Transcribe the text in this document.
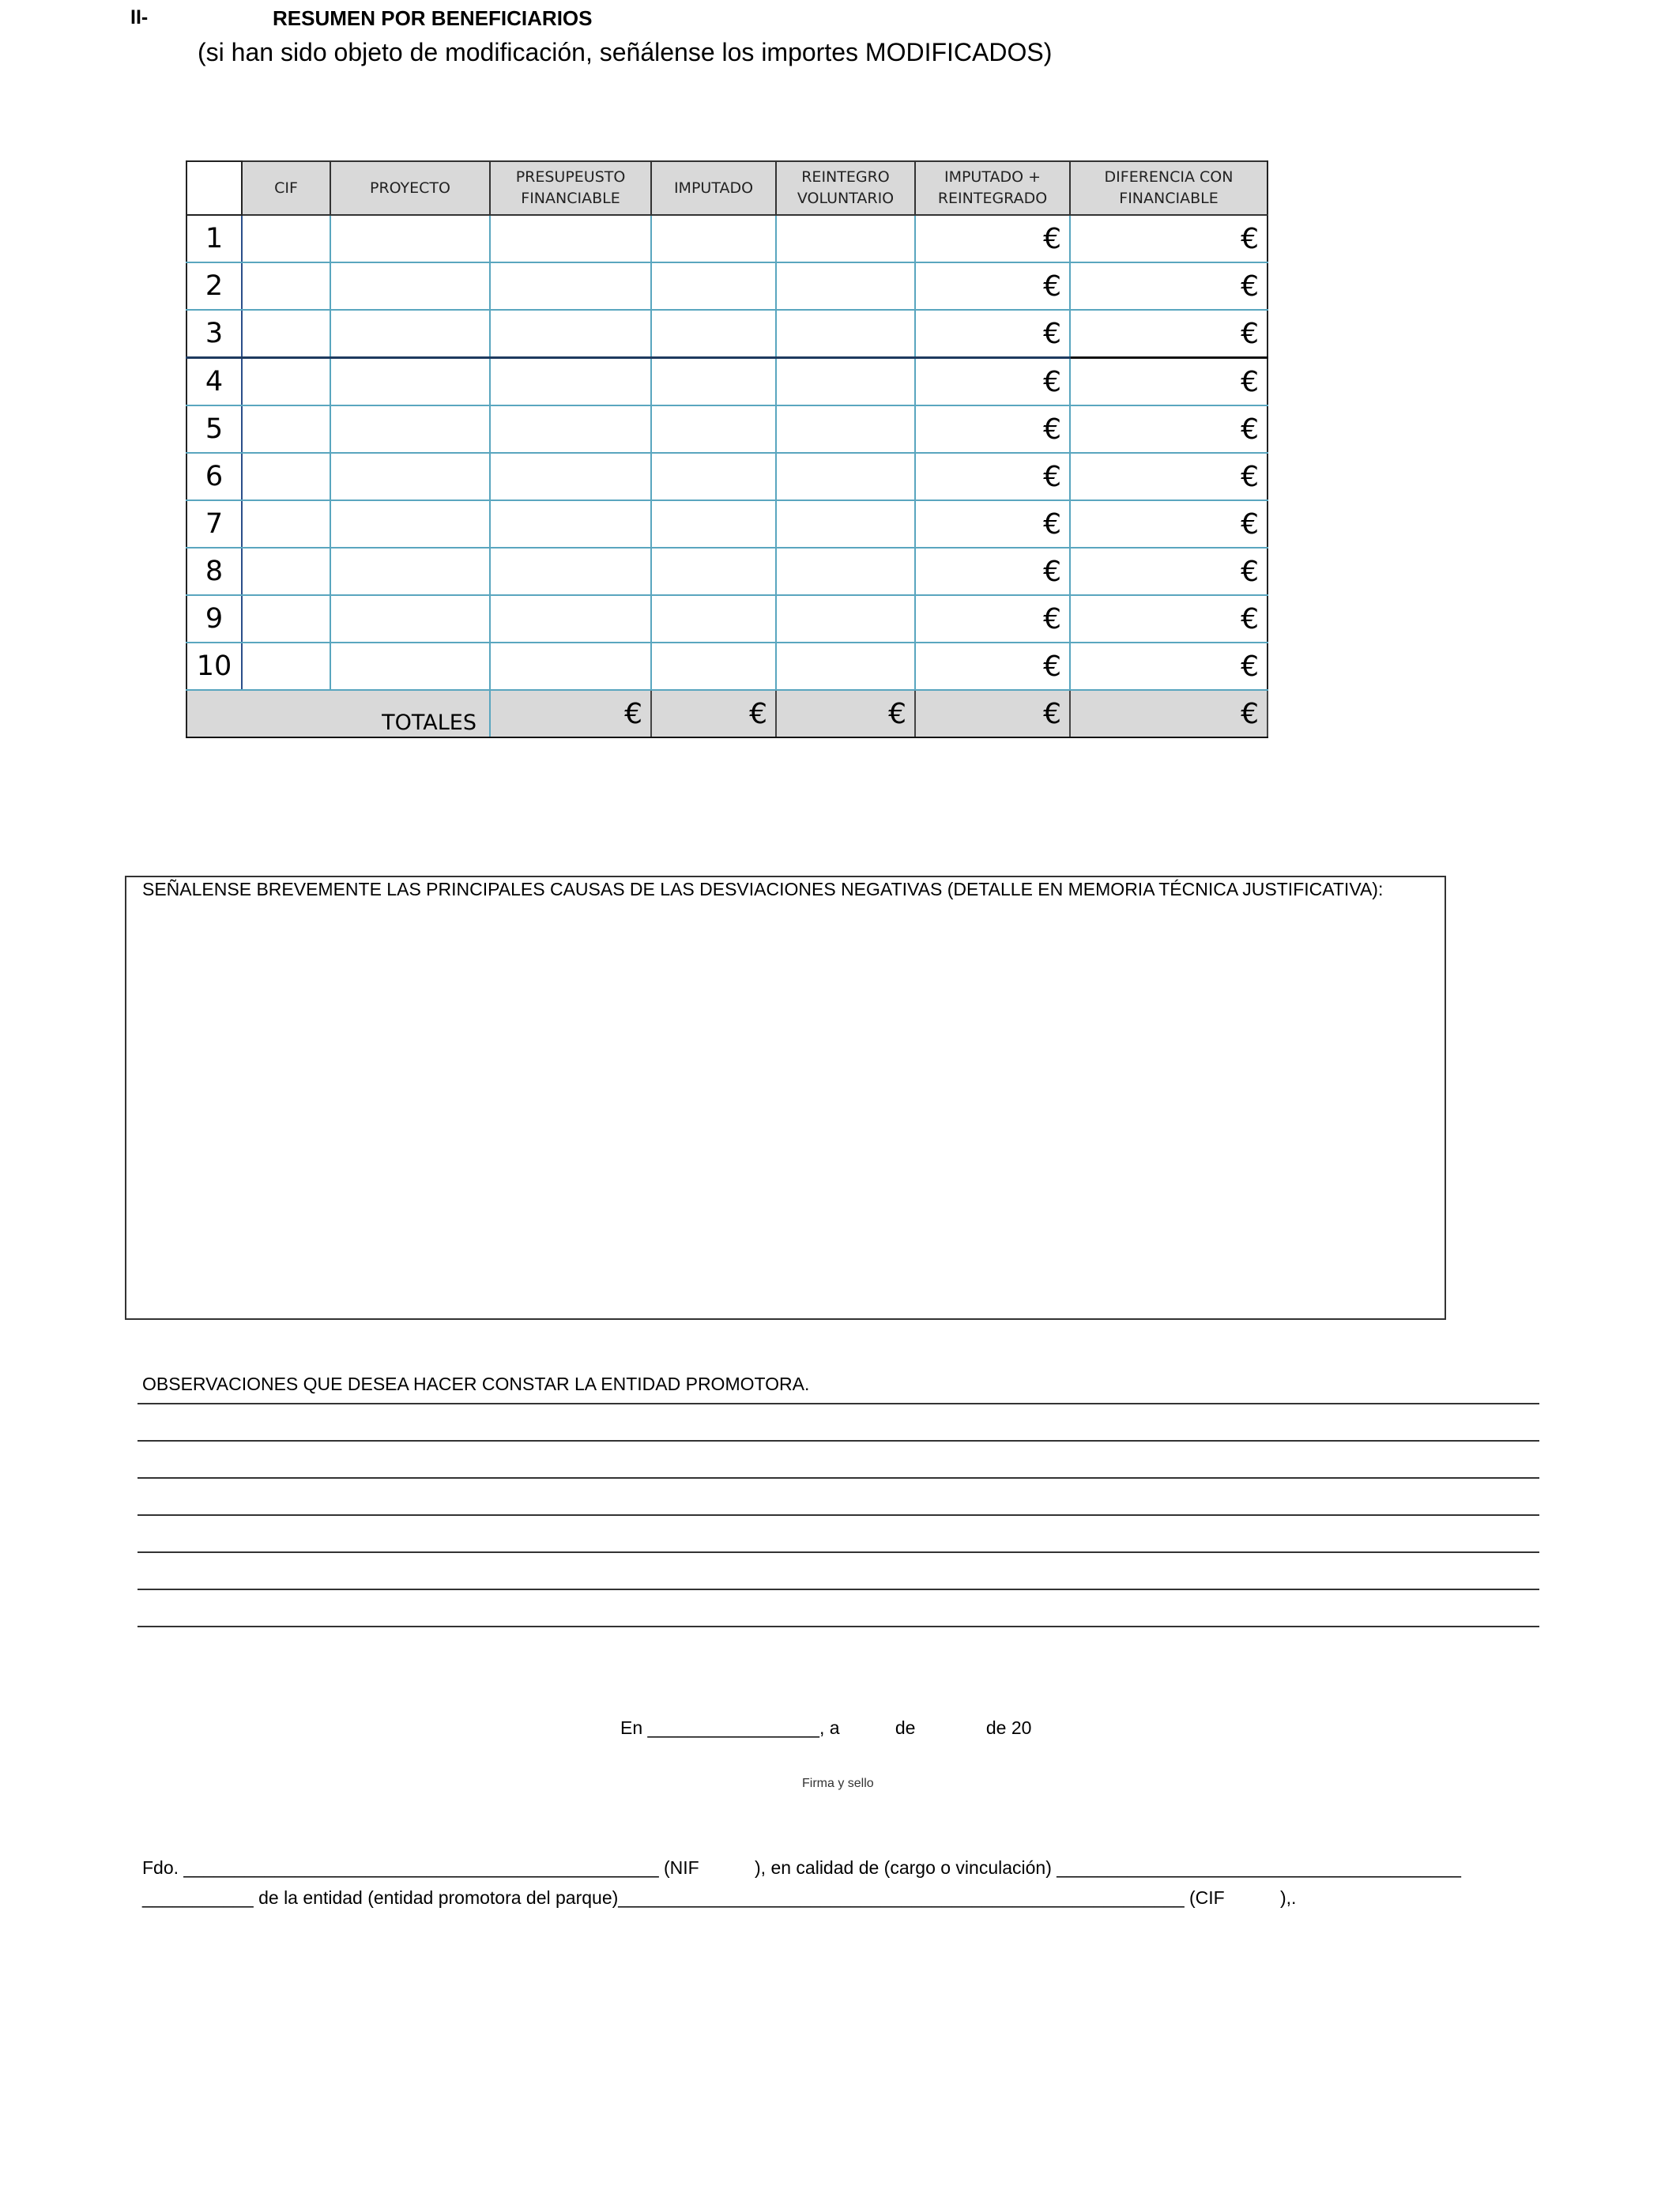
II-	RESUMEN POR BENEFICIARIOS
(si han sido objeto de modificación, señálense los importes MODIFICADOS)
	CIF	PROYECTO	PRESUPEUSTO FINANCIABLE	IMPUTADO	REINTEGRO VOLUNTARIO	IMPUTADO + REINTEGRADO	DIFERENCIA CON FINANCIABLE
1						€	€
2						€	€
3						€	€
4						€	€
5						€	€
6						€	€
7						€	€
8						€	€
9						€	€
10						€	€
TOTALES			€	€	€	€	€
SEÑALENSE BREVEMENTE LAS PRINCIPALES CAUSAS DE LAS DESVIACIONES NEGATIVAS (DETALLE EN MEMORIA TÉCNICA JUSTIFICATIVA):
OBSERVACIONES QUE DESEA HACER CONSTAR LA ENTIDAD PROMOTORA.
En _________________, a           de              de 20
Firma y sello
Fdo. _______________________________________________ (NIF           ), en calidad de (cargo o vinculación) ________________________________________
___________ de la entidad (entidad promotora del parque)________________________________________________________ (CIF           ),.
